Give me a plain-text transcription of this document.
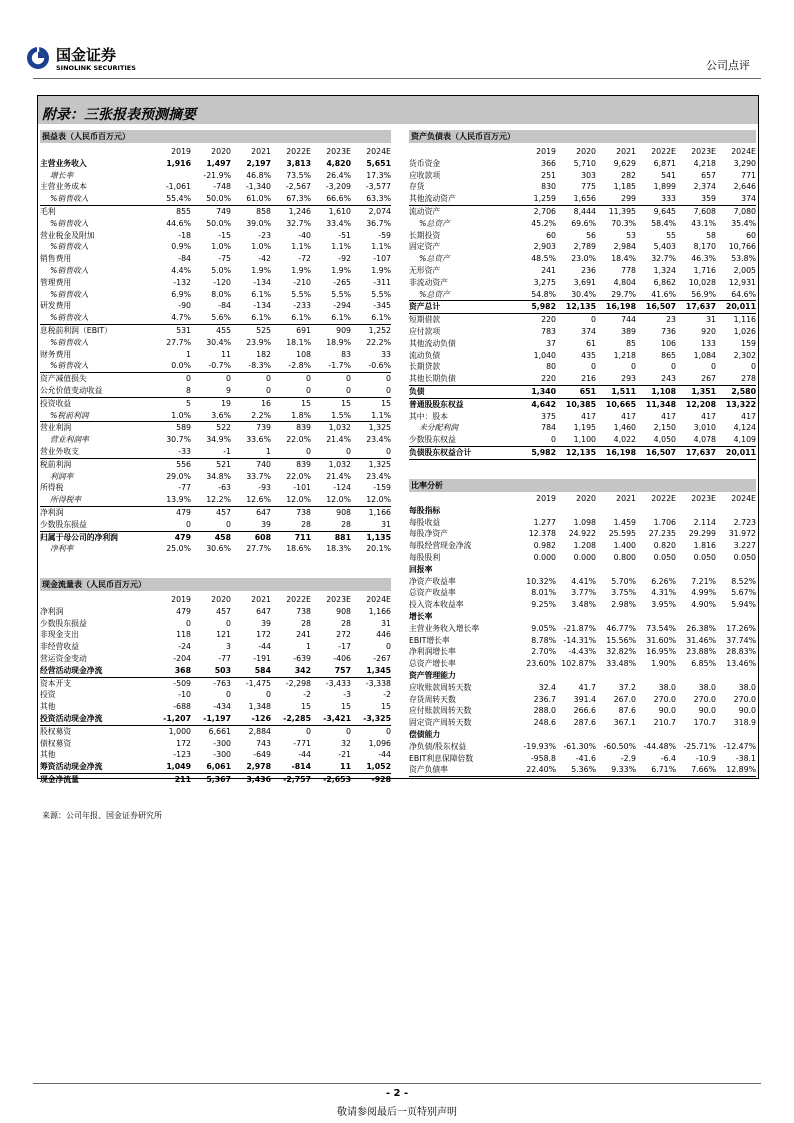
国金证券
SINOLINK SECURITIES	公司点评
附录：三张报表预测摘要
损益表（人民币百万元）	资产负债表（人民币百万元）
比率分析
现金流量表（人民币百万元）
	2019	2020	2021	2022E	2023E	2024E
主营业务收入	1,916	1,497	2,197	3,813	4,820	5,651
增长率		-21.9%	46.8%	73.5%	26.4%	17.3%
主营业务成本	-1,061	-748	-1,340	-2,567	-3,209	-3,577
%销售收入	55.4%	50.0%	61.0%	67.3%	66.6%	63.3%
毛利	855	749	858	1,246	1,610	2,074
%销售收入	44.6%	50.0%	39.0%	32.7%	33.4%	36.7%
营业税金及附加	-18	-15	-23	-40	-51	-59
%销售收入	0.9%	1.0%	1.0%	1.1%	1.1%	1.1%
销售费用	-84	-75	-42	-72	-92	-107
%销售收入	4.4%	5.0%	1.9%	1.9%	1.9%	1.9%
管理费用	-132	-120	-134	-210	-265	-311
%销售收入	6.9%	8.0%	6.1%	5.5%	5.5%	5.5%
研发费用	-90	-84	-134	-233	-294	-345
%销售收入	4.7%	5.6%	6.1%	6.1%	6.1%	6.1%
息税前利润（EBIT）	531	455	525	691	909	1,252
%销售收入	27.7%	30.4%	23.9%	18.1%	18.9%	22.2%
财务费用	1	11	182	108	83	33
%销售收入	0.0%	-0.7%	-8.3%	-2.8%	-1.7%	-0.6%
资产减值损失	0	0	0	0	0	0
公允价值变动收益	8	9	0	0	0	0
投资收益	5	19	16	15	15	15
%税前利润	1.0%	3.6%	2.2%	1.8%	1.5%	1.1%
营业利润	589	522	739	839	1,032	1,325
营业利润率	30.7%	34.9%	33.6%	22.0%	21.4%	23.4%
营业外收支	-33	-1	1	0	0	0
税前利润	556	521	740	839	1,032	1,325
利润率	29.0%	34.8%	33.7%	22.0%	21.4%	23.4%
所得税	-77	-63	-93	-101	-124	-159
所得税率	13.9%	12.2%	12.6%	12.0%	12.0%	12.0%
净利润	479	457	647	738	908	1,166
少数股东损益	0	0	39	28	28	31
归属于母公司的净利润	479	458	608	711	881	1,135
净利率	25.0%	30.6%	27.7%	18.6%	18.3%	20.1%
	2019	2020	2021	2022E	2023E	2024E
货币资金	366	5,710	9,629	6,871	4,218	3,290
应收款项	251	303	282	541	657	771
存货	830	775	1,185	1,899	2,374	2,646
其他流动资产	1,259	1,656	299	333	359	374
流动资产	2,706	8,444	11,395	9,645	7,608	7,080
%总资产	45.2%	69.6%	70.3%	58.4%	43.1%	35.4%
长期投资	60	56	53	55	58	60
固定资产	2,903	2,789	2,984	5,403	8,170	10,766
%总资产	48.5%	23.0%	18.4%	32.7%	46.3%	53.8%
无形资产	241	236	778	1,324	1,716	2,005
非流动资产	3,275	3,691	4,804	6,862	10,028	12,931
%总资产	54.8%	30.4%	29.7%	41.6%	56.9%	64.6%
资产总计	5,982	12,135	16,198	16,507	17,637	20,011
短期借款	220	0	744	23	31	1,116
应付款项	783	374	389	736	920	1,026
其他流动负债	37	61	85	106	133	159
流动负债	1,040	435	1,218	865	1,084	2,302
长期贷款	80	0	0	0	0	0
其他长期负债	220	216	293	243	267	278
负债	1,340	651	1,511	1,108	1,351	2,580
普通股股东权益	4,642	10,385	10,665	11,348	12,208	13,322
其中：股本	375	417	417	417	417	417
未分配利润	784	1,195	1,460	2,150	3,010	4,124
少数股东权益	0	1,100	4,022	4,050	4,078	4,109
负债股东权益合计	5,982	12,135	16,198	16,507	17,637	20,011
	2019	2020	2021	2022E	2023E	2024E
每股指标						
每股收益	1.277	1.098	1.459	1.706	2.114	2.723
每股净资产	12.378	24.922	25.595	27.235	29.299	31.972
每股经营现金净流	0.982	1.208	1.400	0.820	1.816	3.227
每股股利	0.000	0.000	0.800	0.050	0.050	0.050
回报率						
净资产收益率	10.32%	4.41%	5.70%	6.26%	7.21%	8.52%
总资产收益率	8.01%	3.77%	3.75%	4.31%	4.99%	5.67%
投入资本收益率	9.25%	3.48%	2.98%	3.95%	4.90%	5.94%
增长率						
主营业务收入增长率	9.05%	-21.87%	46.77%	73.54%	26.38%	17.26%
EBIT增长率	8.78%	-14.31%	15.56%	31.60%	31.46%	37.74%
净利润增长率	2.70%	-4.43%	32.82%	16.95%	23.88%	28.83%
总资产增长率	23.60%	102.87%	33.48%	1.90%	6.85%	13.46%
资产管理能力						
应收账款周转天数	32.4	41.7	37.2	38.0	38.0	38.0
存货周转天数	236.7	391.4	267.0	270.0	270.0	270.0
应付账款周转天数	288.0	266.6	87.6	90.0	90.0	90.0
固定资产周转天数	248.6	287.6	367.1	210.7	170.7	318.9
偿债能力						
净负债/股东权益	-19.93%	-61.30%	-60.50%	-44.48%	-25.71%	-12.47%
EBIT利息保障倍数	-958.8	-41.6	-2.9	-6.4	-10.9	-38.1
资产负债率	22.40%	5.36%	9.33%	6.71%	7.66%	12.89%
	2019	2020	2021	2022E	2023E	2024E
净利润	479	457	647	738	908	1,166
少数股东损益	0	0	39	28	28	31
非现金支出	118	121	172	241	272	446
非经营收益	-24	3	-44	1	-17	0
营运资金变动	-204	-77	-191	-639	-406	-267
经营活动现金净流	368	503	584	342	757	1,345
资本开支	-509	-763	-1,475	-2,298	-3,433	-3,338
投资	-10	0	0	-2	-3	-2
其他	-688	-434	1,348	15	15	15
投资活动现金净流	-1,207	-1,197	-126	-2,285	-3,421	-3,325
股权募资	1,000	6,661	2,884	0	0	0
债权募资	172	-300	743	-771	32	1,096
其他	-123	-300	-649	-44	-21	-44
筹资活动现金净流	1,049	6,061	2,978	-814	11	1,052
现金净流量	211	5,367	3,436	-2,757	-2,653	-928
来源：公司年报、国金证券研究所
- 2 -
敬请参阅最后一页特别声明
